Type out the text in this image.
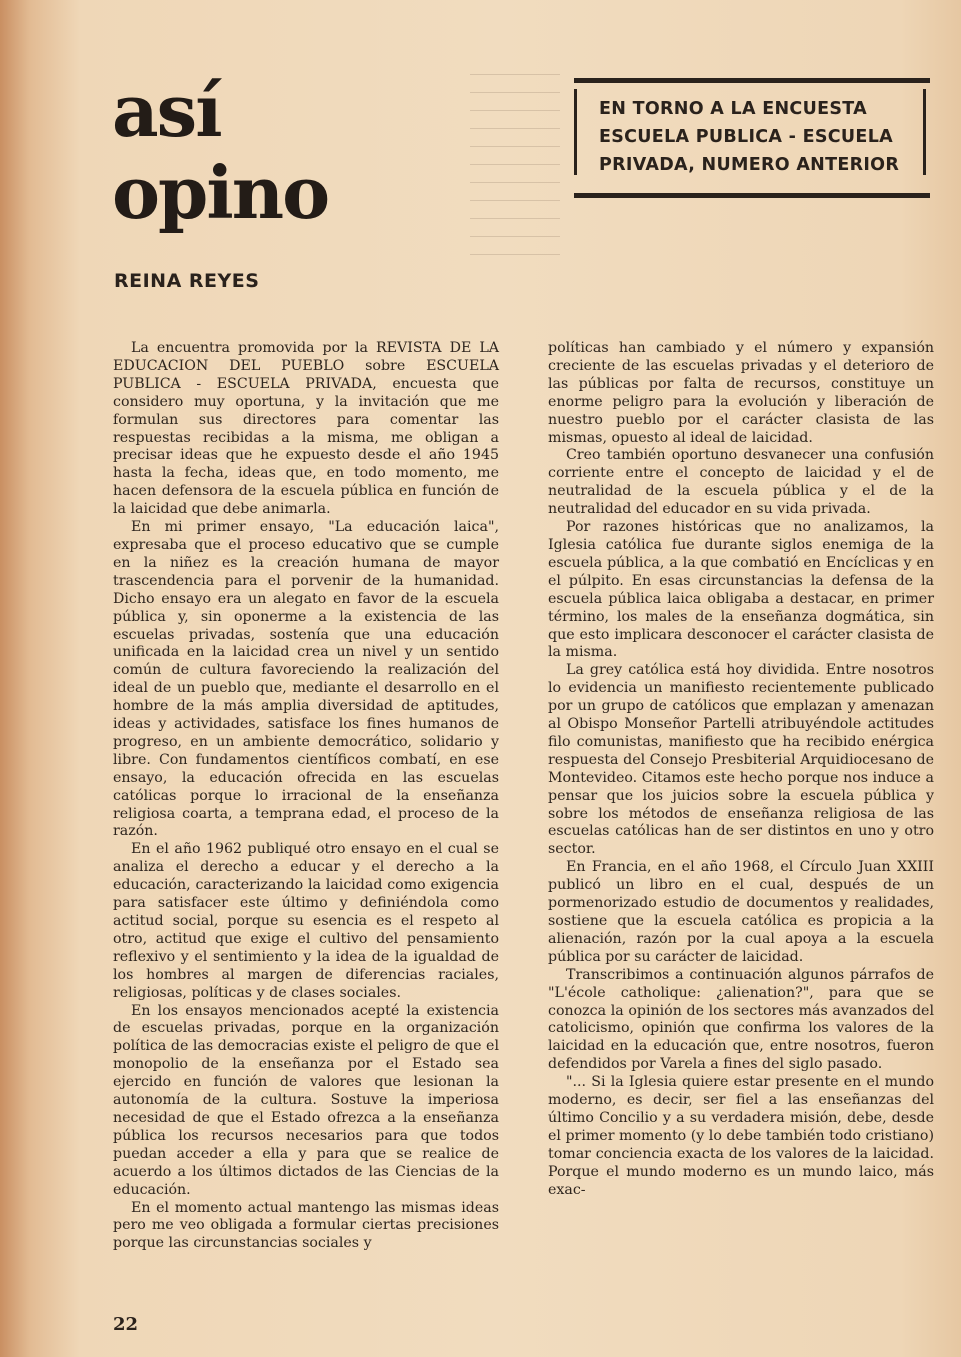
así
opino
REINA REYES
EN TORNO A LA ENCUESTA
ESCUELA PUBLICA - ESCUELA
PRIVADA, NUMERO ANTERIOR

La encuentra promovida por la REVISTA DE LA EDUCACION DEL PUEBLO sobre ESCUELA PUBLICA - ESCUELA PRIVADA, encuesta que considero muy oportuna, y la invitación que me formulan sus directores para comentar las respuestas recibidas a la misma, me obligan a precisar ideas que he expuesto desde el año 1945 hasta la fecha, ideas que, en todo momento, me hacen defensora de la escuela pública en función de la laicidad que debe animarla.

En mi primer ensayo, "La educación laica", expresaba que el proceso educativo que se cumple en la niñez es la creación humana de mayor trascendencia para el porvenir de la humanidad. Dicho ensayo era un alegato en favor de la escuela pública y, sin oponerme a la existencia de las escuelas privadas, sostenía que una educación unificada en la laicidad crea un nivel y un sentido común de cultura favoreciendo la realización del ideal de un pueblo que, mediante el desarrollo en el hombre de la más amplia diversidad de aptitudes, ideas y actividades, satisface los fines humanos de progreso, en un ambiente democrático, solidario y libre. Con fundamentos científicos combatí, en ese ensayo, la educación ofrecida en las escuelas católicas porque lo irracional de la enseñanza religiosa coarta, a temprana edad, el proceso de la razón.

En el año 1962 publiqué otro ensayo en el cual se analiza el derecho a educar y el derecho a la educación, caracterizando la laicidad como exigencia para satisfacer este último y definiéndola como actitud social, porque su esencia es el respeto al otro, actitud que exige el cultivo del pensamiento reflexivo y el sentimiento y la idea de la igualdad de los hombres al margen de diferencias raciales, religiosas, políticas y de clases sociales.

En los ensayos mencionados acepté la existencia de escuelas privadas, porque en la organización política de las democracias existe el peligro de que el monopolio de la enseñanza por el Estado sea ejercido en función de valores que lesionan la autonomía de la cultura. Sostuve la imperiosa necesidad de que el Estado ofrezca a la enseñanza pública los recursos necesarios para que todos puedan acceder a ella y para que se realice de acuerdo a los últimos dictados de las Ciencias de la educación.

En el momento actual mantengo las mismas ideas pero me veo obligada a formular ciertas precisiones porque las circunstancias sociales y

políticas han cambiado y el número y expansión creciente de las escuelas privadas y el deterioro de las públicas por falta de recursos, constituye un enorme peligro para la evolución y liberación de nuestro pueblo por el carácter clasista de las mismas, opuesto al ideal de laicidad.

Creo también oportuno desvanecer una confusión corriente entre el concepto de laicidad y el de neutralidad de la escuela pública y el de la neutralidad del educador en su vida privada.

Por razones históricas que no analizamos, la Iglesia católica fue durante siglos enemiga de la escuela pública, a la que combatió en Encíclicas y en el púlpito. En esas circunstancias la defensa de la escuela pública laica obligaba a destacar, en primer término, los males de la enseñanza dogmática, sin que esto implicara desconocer el carácter clasista de la misma.

La grey católica está hoy dividida. Entre nosotros lo evidencia un manifiesto recientemente publicado por un grupo de católicos que emplazan y amenazan al Obispo Monseñor Partelli atribuyéndole actitudes filo comunistas, manifiesto que ha recibido enérgica respuesta del Consejo Presbiterial Arquidiocesano de Montevideo. Citamos este hecho porque nos induce a pensar que los juicios sobre la escuela pública y sobre los métodos de enseñanza religiosa de las escuelas católicas han de ser distintos en uno y otro sector.

En Francia, en el año 1968, el Círculo Juan XXIII publicó un libro en el cual, después de un pormenorizado estudio de documentos y realidades, sostiene que la escuela católica es propicia a la alienación, razón por la cual apoya a la escuela pública por su carácter de laicidad.

Transcribimos a continuación algunos párrafos de "L'école catholique: ¿alienation?", para que se conozca la opinión de los sectores más avanzados del catolicismo, opinión que confirma los valores de la laicidad en la educación que, entre nosotros, fueron defendidos por Varela a fines del siglo pasado.

"... Si la Iglesia quiere estar presente en el mundo moderno, es decir, ser fiel a las enseñanzas del último Concilio y a su verdadera misión, debe, desde el primer momento (y lo debe también todo cristiano) tomar conciencia exacta de los valores de la laicidad. Porque el mundo moderno es un mundo laico, más exac-

22
